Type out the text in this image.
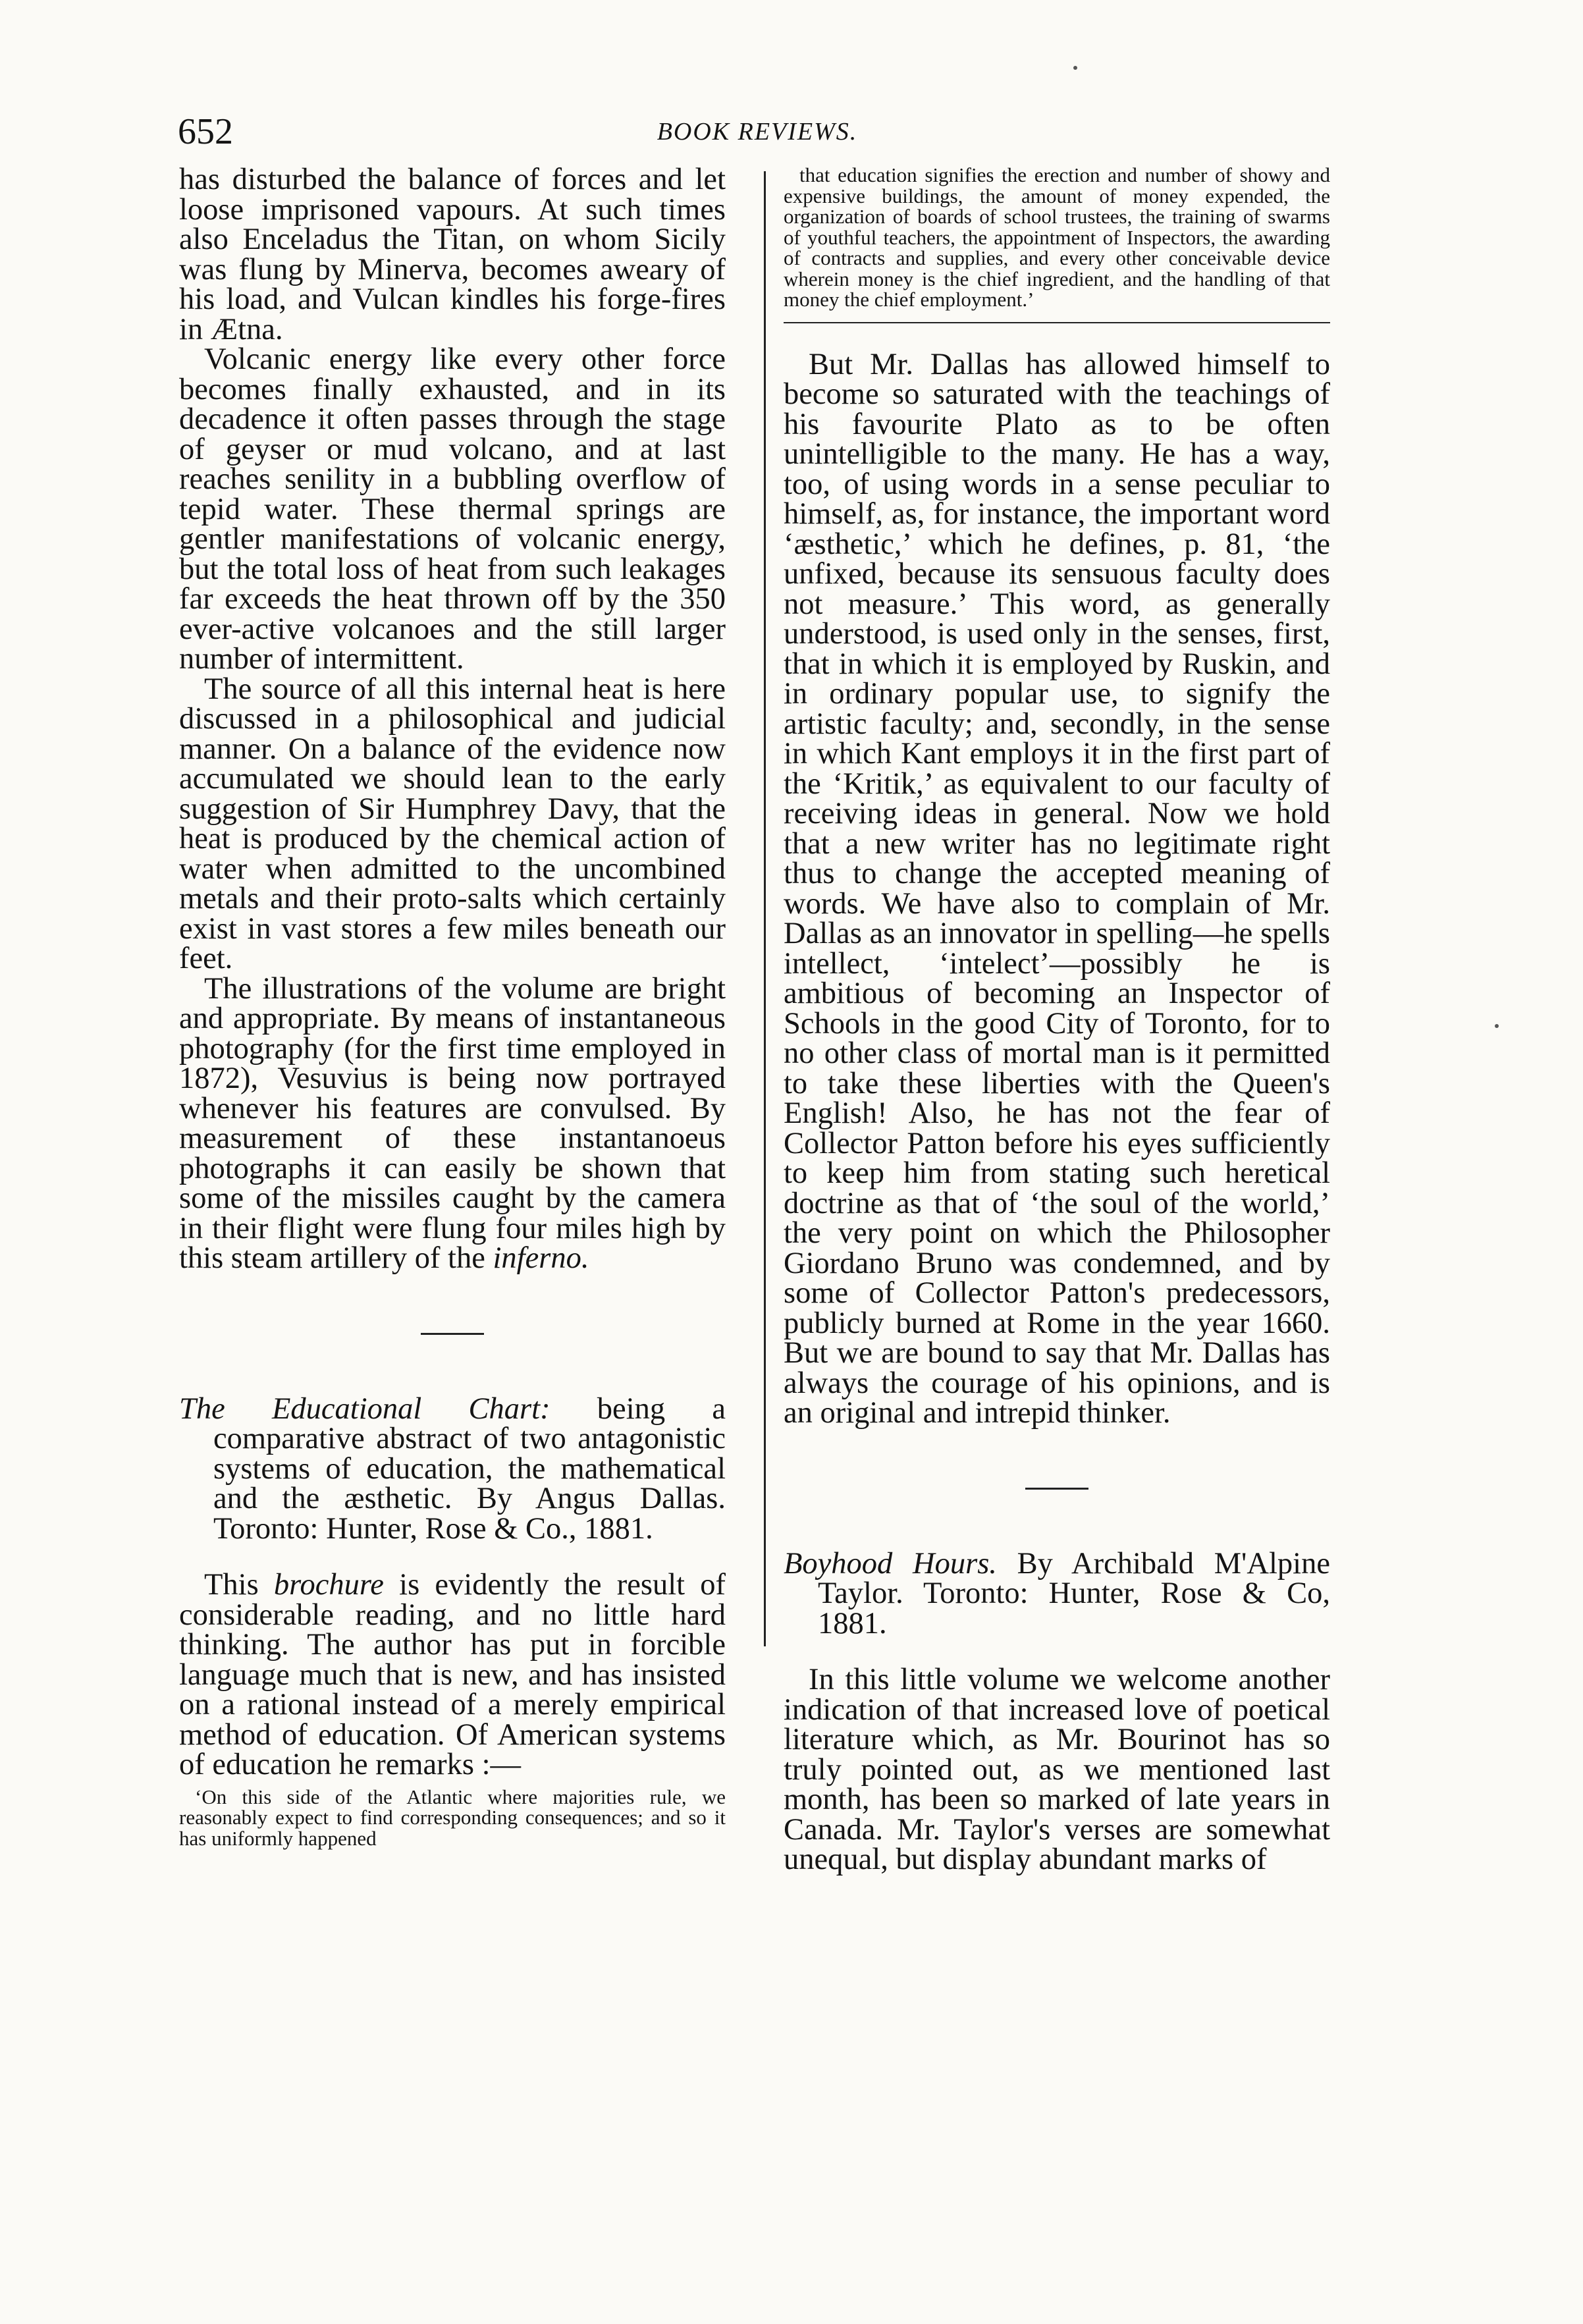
652	BOOK REVIEWS.

has disturbed the balance of forces and let loose imprisoned vapours. At such times also Enceladus the Titan, on whom Sicily was flung by Minerva, becomes aweary of his load, and Vulcan kindles his forge-fires in Ætna.

Volcanic energy like every other force becomes finally exhausted, and in its decadence it often passes through the stage of geyser or mud volcano, and at last reaches senility in a bubbling overflow of tepid water. These thermal springs are gentler manifestations of volcanic energy, but the total loss of heat from such leakages far exceeds the heat thrown off by the 350 ever-active volcanoes and the still larger number of intermittent.

The source of all this internal heat is here discussed in a philosophical and judicial manner. On a balance of the evidence now accumulated we should lean to the early suggestion of Sir Humphrey Davy, that the heat is produced by the chemical action of water when admitted to the uncombined metals and their proto-salts which certainly exist in vast stores a few miles beneath our feet.

The illustrations of the volume are bright and appropriate. By means of instantaneous photography (for the first time employed in 1872), Vesuvius is being now portrayed whenever his features are convulsed. By measurement of these instantanoeus photographs it can easily be shown that some of the missiles caught by the camera in their flight were flung four miles high by this steam artillery of the inferno.

The Educational Chart: being a comparative abstract of two antagonistic systems of education, the mathematical and the æsthetic. By Angus Dallas. Toronto: Hunter, Rose & Co., 1881.

This brochure is evidently the result of considerable reading, and no little hard thinking. The author has put in forcible language much that is new, and has insisted on a rational instead of a merely empirical method of education. Of American systems of education he remarks :—

‘On this side of the Atlantic where majorities rule, we reasonably expect to find corresponding consequences; and so it has uniformly happened

that education signifies the erection and number of showy and expensive buildings, the amount of money expended, the organization of boards of school trustees, the training of swarms of youthful teachers, the appointment of Inspectors, the awarding of contracts and supplies, and every other conceivable device wherein money is the chief ingredient, and the handling of that money the chief employment.’

But Mr. Dallas has allowed himself to become so saturated with the teachings of his favourite Plato as to be often unintelligible to the many. He has a way, too, of using words in a sense peculiar to himself, as, for instance, the important word ‘æsthetic,’ which he defines, p. 81, ‘the unfixed, because its sensuous faculty does not measure.’ This word, as generally understood, is used only in the senses, first, that in which it is employed by Ruskin, and in ordinary popular use, to signify the artistic faculty; and, secondly, in the sense in which Kant employs it in the first part of the ‘Kritik,’ as equivalent to our faculty of receiving ideas in general. Now we hold that a new writer has no legitimate right thus to change the accepted meaning of words. We have also to complain of Mr. Dallas as an innovator in spelling—he spells intellect, ‘intelect’—possibly he is ambitious of becoming an Inspector of Schools in the good City of Toronto, for to no other class of mortal man is it permitted to take these liberties with the Queen's English! Also, he has not the fear of Collector Patton before his eyes sufficiently to keep him from stating such heretical doctrine as that of ‘the soul of the world,’ the very point on which the Philosopher Giordano Bruno was condemned, and by some of Collector Patton's predecessors, publicly burned at Rome in the year 1660. But we are bound to say that Mr. Dallas has always the courage of his opinions, and is an original and intrepid thinker.

Boyhood Hours. By Archibald M'Alpine Taylor. Toronto: Hunter, Rose & Co, 1881.

In this little volume we welcome another indication of that increased love of poetical literature which, as Mr. Bourinot has so truly pointed out, as we mentioned last month, has been so marked of late years in Canada. Mr. Taylor's verses are somewhat unequal, but display abundant marks of
